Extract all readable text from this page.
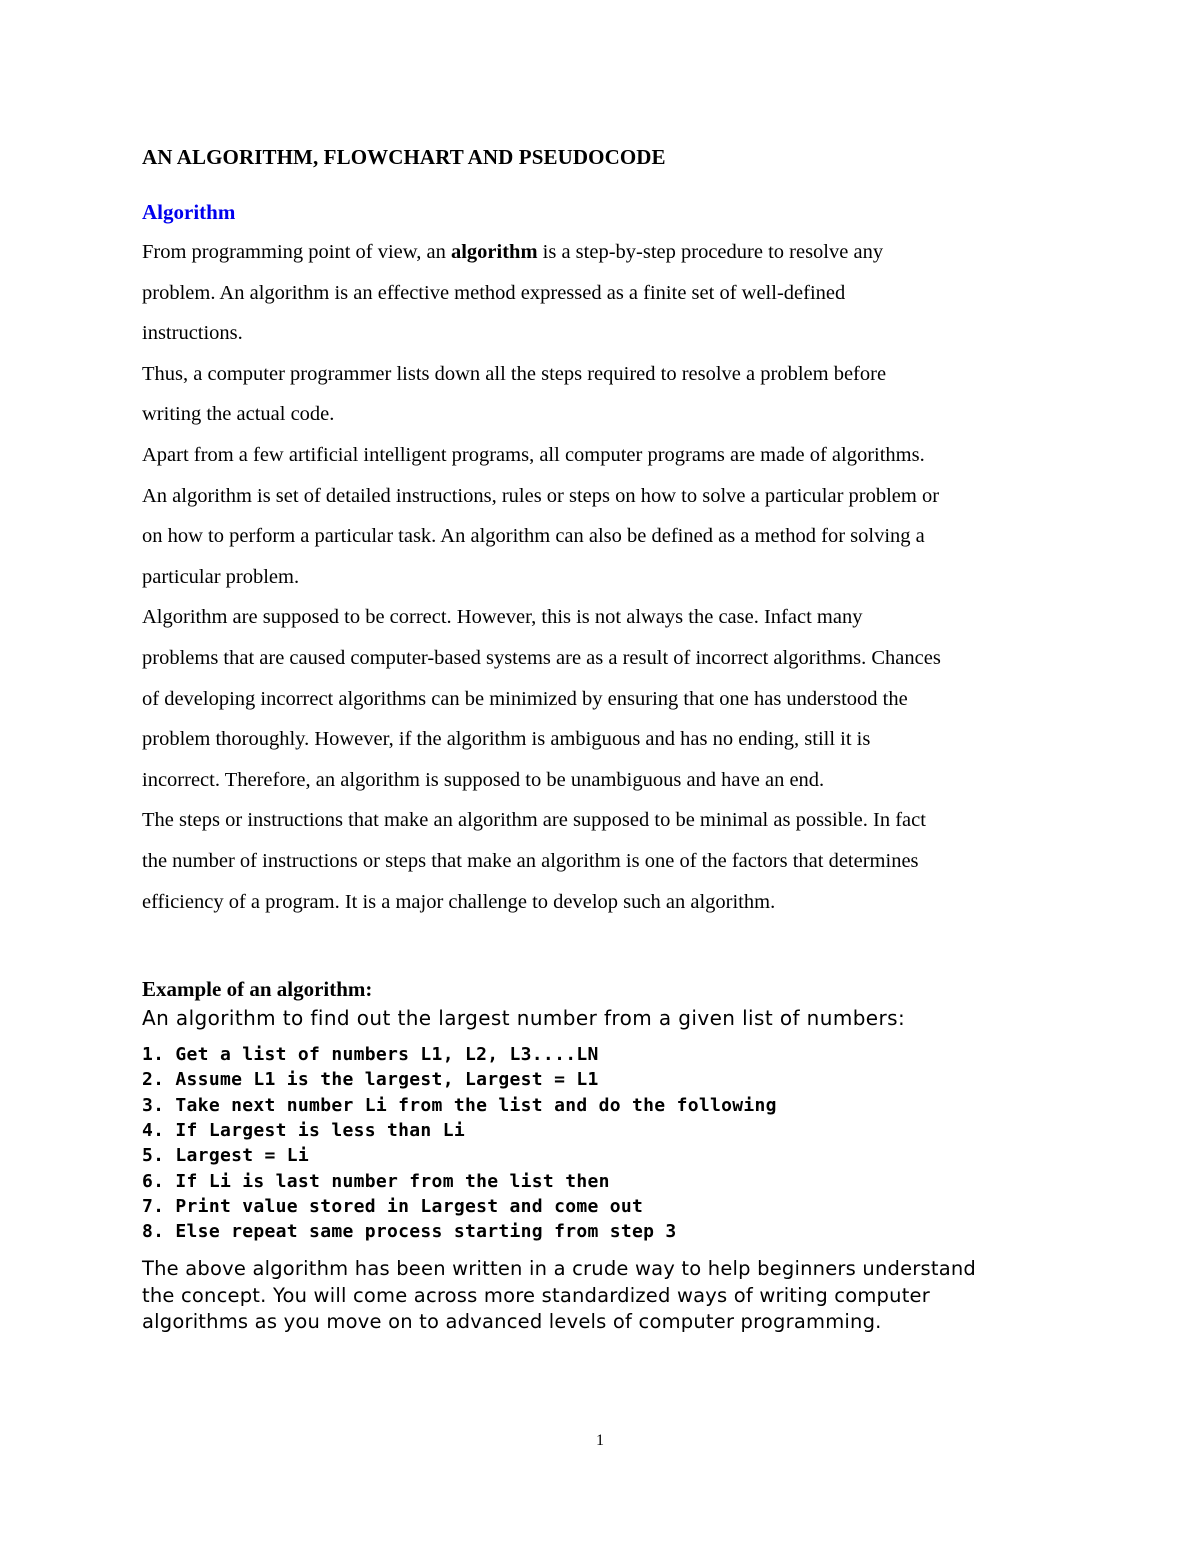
AN ALGORITHM, FLOWCHART AND PSEUDOCODE
Algorithm

From programming point of view, an algorithm is a step-by-step procedure to resolve any

problem. An algorithm is an effective method expressed as a finite set of well-defined

instructions.

Thus, a computer programmer lists down all the steps required to resolve a problem before

writing the actual code.

Apart from a few artificial intelligent programs, all computer programs are made of algorithms.

An algorithm is set of detailed instructions, rules or steps on how to solve a particular problem or

on how to perform a particular task. An algorithm can also be defined as a method for solving a

particular problem.

Algorithm are supposed to be correct. However, this is not always the case. Infact many

problems that are caused computer-based systems are as a result of incorrect algorithms. Chances

of developing incorrect algorithms can be minimized by ensuring that one has understood the

problem thoroughly. However, if the algorithm is ambiguous and has no ending, still it is

incorrect. Therefore, an algorithm is supposed to be unambiguous and have an end.

The steps or instructions that make an algorithm are supposed to be minimal as possible. In fact

the number of instructions or steps that make an algorithm is one of the factors that determines

efficiency of a program. It is a major challenge to develop such an algorithm.

Example of an algorithm:

An algorithm to find out the largest number from a given list of numbers:

1. Get a list of numbers L1, L2, L3....LN
2. Assume L1 is the largest, Largest = L1
3. Take next number Li from the list and do the following
4. If Largest is less than Li
5. Largest = Li
6. If Li is last number from the list then
7. Print value stored in Largest and come out
8. Else repeat same process starting from step 3
The above algorithm has been written in a crude way to help beginners understand
the concept. You will come across more standardized ways of writing computer
algorithms as you move on to advanced levels of computer programming.
1
